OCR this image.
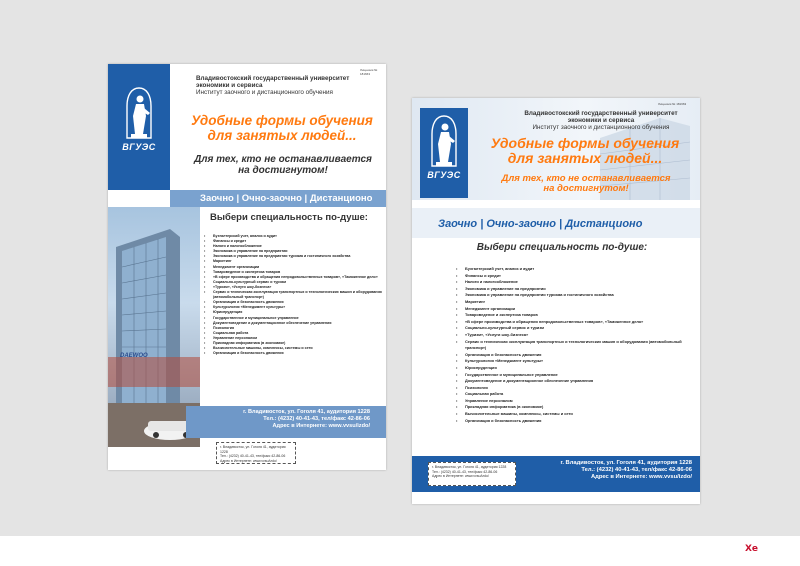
Хе
ВГУЭС
Лицензия № 181663
Владивостокский государственный университет
экономики и сервиса
Институт заочного и дистанционного обучения
Удобные формы обучения
для занятых людей...
Для тех, кто не останавливается
на достигнутом!
Заочно | Очно-заочно | Дистанционо
DAEWOO
Выбери специальность по-душе:
• Бухгалтерский учет, анализ и аудит
• Финансы и кредит
• Налоги и налогообложение
• Экономика и управление на предприятии
• Экономика и управление на предприятии туризма и гостиничного хозяйства
• Маркетинг
• Менеджмент организации
• Товароведение и экспертиза товаров
• «В сфере производства и обращения непродовольственных товаров», «Таможенное дело»
• Социально-культурный сервис и туризм
• «Туризм», «Услуги шоу-бизнеса»
• Сервис и техническая эксплуатация транспортных и технологических машин и оборудования (автомобильный транспорт)
• Организация и безопасность движения
• Культурология «Менеджмент культуры»
• Юриспруденция
• Государственное и муниципальное управление
• Документоведение и документационное обеспечение управления
• Психология
• Социальная работа
• Управление персоналом
• Прикладная информатика (в экономике)
• Вычислительные машины, комплексы, системы и сети
• Организация и безопасность движения
г. Владивосток, ул. Гоголя 41, аудитория 1228
Тел.: (4232) 40-41-43, тел/факс 42-86-06
Адрес в Интернете: www.vvsu/izdo/
г. Владивосток, ул. Гоголя 41, аудитория 1228
Тел.: (4232) 40-41-43, тел/факс 42-86-06
Адрес в Интернете: www.vvsu/izdo/
ВГУЭС
Лицензия № 181663
Владивостокский государственный университет
экономики и сервиса
Институт заочного и дистанционного обучения
Удобные формы обучения
для занятых людей...
Для тех, кто не останавливается
на достигнутом!
Заочно | Очно-заочно | Дистанционо
Выбери специальность по-душе:
• Бухгалтерский учет, анализ и аудит
• Финансы и кредит
• Налоги и налогообложение
• Экономика и управление на предприятии
• Экономика и управление на предприятии туризма и гостиничного хозяйства
• Маркетинг
• Менеджмент организации
• Товароведение и экспертиза товаров
• «В сфере производства и обращения непродовольственных товаров», «Таможенное дело»
• Социально-культурный сервис и туризм
• «Туризм», «Услуги шоу-бизнеса»
• Сервис и техническая эксплуатация транспортных и технологических машин и оборудования (автомобильный транспорт)
• Организация и безопасность движения
• Культурология «Менеджмент культуры»
• Юриспруденция
• Государственное и муниципальное управление
• Документоведение и документационное обеспечение управления
• Психология
• Социальная работа
• Управление персоналом
• Прикладная информатика (в экономике)
• Вычислительные машины, комплексы, системы и сети
• Организация и безопасность движения
г. Владивосток, ул. Гоголя 41, аудитория 1228
Тел.: (4232) 40-41-43, тел/факс 42-86-06
Адрес в Интернете: www.vvsu/izdo/
г. Владивосток, ул. Гоголя 41, аудитория 1228
Тел.: (4232) 40-41-43, тел/факс 42-86-06
Адрес в Интернете: www.vvsu/izdo/
